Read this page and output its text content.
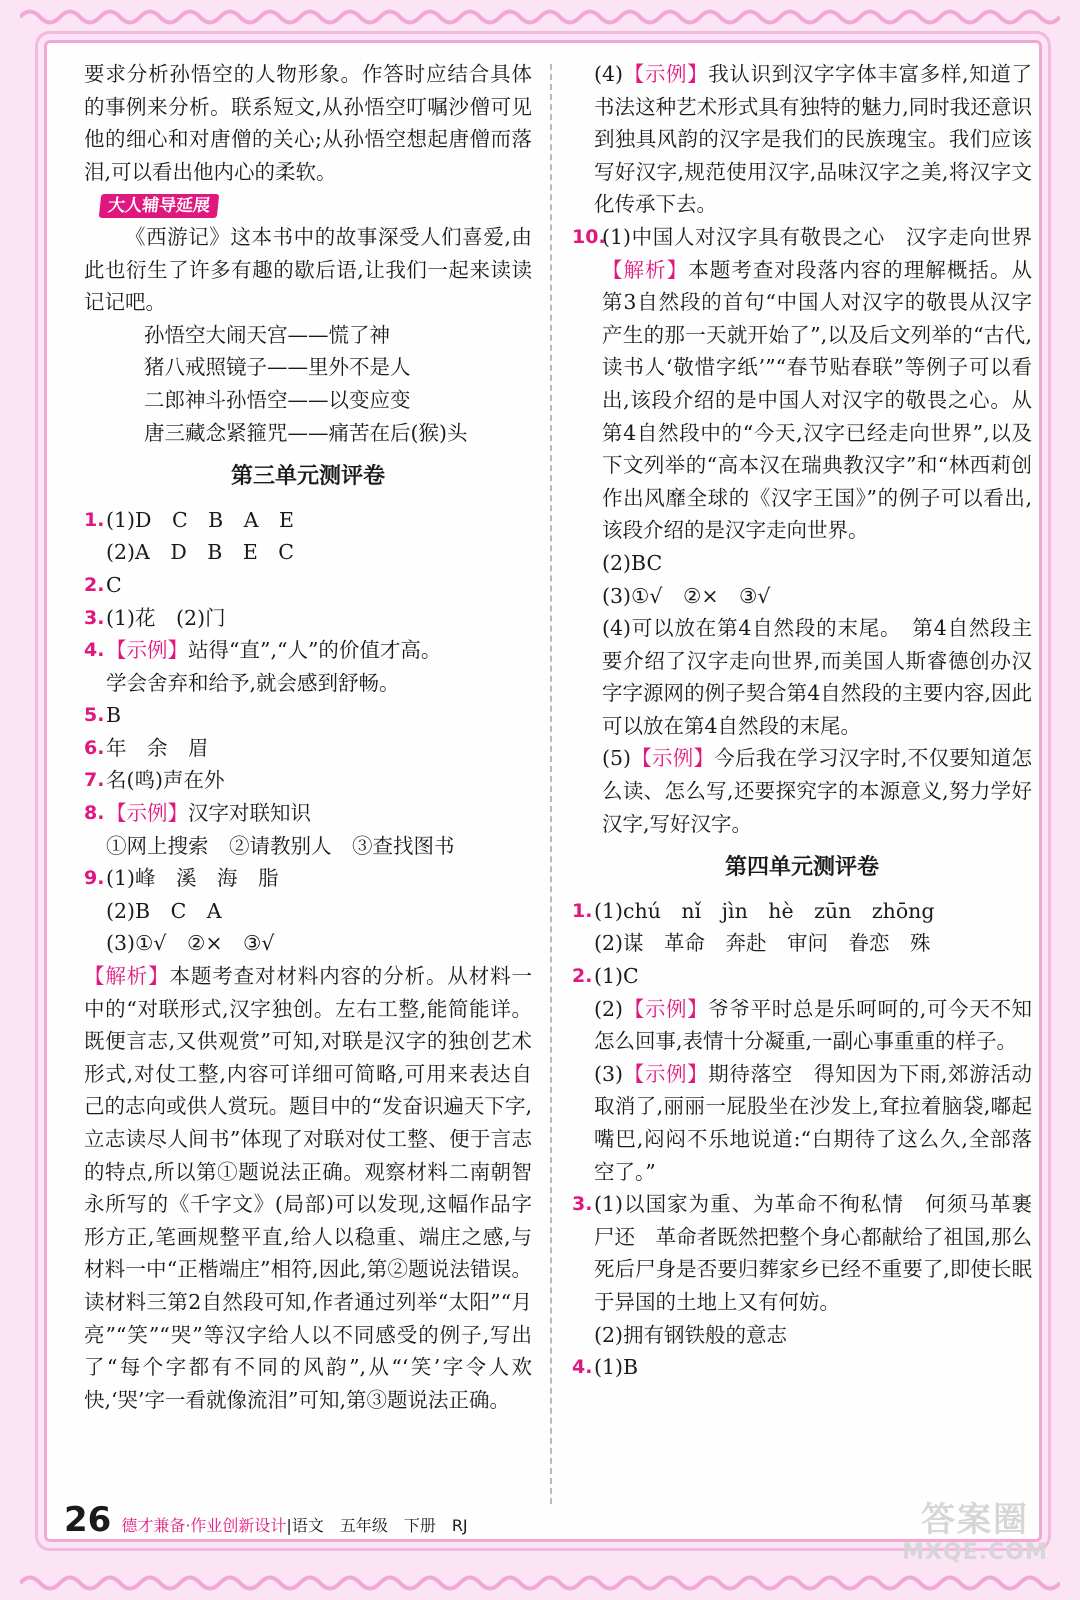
要求分析孙悟空的人物形象。作答时应结合具体的事例来分析。联系短文,从孙悟空叮嘱沙僧可见他的细心和对唐僧的关心;从孙悟空想起唐僧而落泪,可以看出他内心的柔软。

大人辅导延展

《西游记》这本书中的故事深受人们喜爱,由此也衍生了许多有趣的歇后语,让我们一起来读读记记吧。

孙悟空大闹天宫——慌了神
猪八戒照镜子——里外不是人
二郎神斗孙悟空——以变应变
唐三藏念紧箍咒——痛苦在后(猴)头
第三单元测评卷
1. (1)D　C　B　A　E
(2)A　D　B　E　C
2. C
3. (1)花　(2)门
4. 【示例】站得“直”,“人”的价值才高。
学会舍弃和给予,就会感到舒畅。
5. B
6. 年　余　眉
7. 名(鸣)声在外
8. 【示例】汉字对联知识
①网上搜索　②请教别人　③查找图书
9. (1)峰　溪　海　脂
(2)B　C　A
(3)①√　②×　③√

【解析】本题考查对材料内容的分析。从材料一中的“对联形式,汉字独创。左右工整,能简能详。既便言志,又供观赏”可知,对联是汉字的独创艺术形式,对仗工整,内容可详细可简略,可用来表达自己的志向或供人赏玩。题目中的“发奋识遍天下字,立志读尽人间书”体现了对联对仗工整、便于言志的特点,所以第①题说法正确。观察材料二南朝智永所写的《千字文》(局部)可以发现,这幅作品字形方正,笔画规整平直,给人以稳重、端庄之感,与材料一中“正楷端庄”相符,因此,第②题说法错误。读材料三第2自然段可知,作者通过列举“太阳”“月亮”“笑”“哭”等汉字给人以不同感受的例子,写出了“每个字都有不同的风韵”,从“‘笑’字令人欢快,‘哭’字一看就像流泪”可知,第③题说法正确。

(4)【示例】我认识到汉字字体丰富多样,知道了书法这种艺术形式具有独特的魅力,同时我还意识到独具风韵的汉字是我们的民族瑰宝。我们应该写好汉字,规范使用汉字,品味汉字之美,将汉字文化传承下去。

10.

(1)中国人对汉字具有敬畏之心　汉字走向世界 【解析】本题考查对段落内容的理解概括。从第3自然段的首句“中国人对汉字的敬畏从汉字产生的那一天就开始了”,以及后文列举的“古代,读书人‘敬惜字纸’”“春节贴春联”等例子可以看出,该段介绍的是中国人对汉字的敬畏之心。从第4自然段中的“今天,汉字已经走向世界”,以及下文列举的“高本汉在瑞典教汉字”和“林西莉创作出风靡全球的《汉字王国》”的例子可以看出,该段介绍的是汉字走向世界。

(2)BC
(3)①√　②×　③√

(4)可以放在第4自然段的末尾。　第4自然段主要介绍了汉字走向世界,而美国人斯睿德创办汉字字源网的例子契合第4自然段的主要内容,因此可以放在第4自然段的末尾。

(5)【示例】今后我在学习汉字时,不仅要知道怎么读、怎么写,还要探究字的本源意义,努力学好汉字,写好汉字。

第四单元测评卷
1. (1)chú　nǐ　jìn　hè　zūn　zhōng
(2)谋　革命　奔赴　审问　眷恋　殊
2. (1)C

(2)【示例】爷爷平时总是乐呵呵的,可今天不知怎么回事,表情十分凝重,一副心事重重的样子。

(3)【示例】期待落空　得知因为下雨,郊游活动取消了,丽丽一屁股坐在沙发上,耷拉着脑袋,嘟起嘴巴,闷闷不乐地说道:“白期待了这么久,全部落空了。”

3. (1)以国家为重、为革命不徇私情　何须马革裹尸还　革命者既然把整个身心都献给了祖国,那么死后尸身是否要归葬家乡已经不重要了,即使长眠于异国的土地上又有何妨。

(2)拥有钢铁般的意志
4. (1)B
26 德才兼备·作业创新设计 |语文　五年级　下册　RJ	答案圈
MXQE.COM
